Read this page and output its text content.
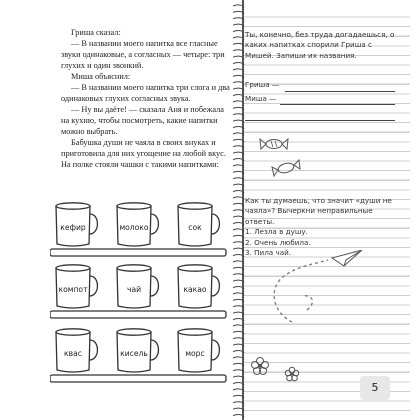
Гриша сказал:

— В названии моего напитка все гласные звуки одинаковые, а согласных — четыре: три глухих и один звонкий.

Миша объяснил:

— В названии моего напитка три слога и два одинаковых глухих согласных звука.

— Ну вы даёте! — сказала Аня и побежала на кухню, чтобы посмотреть, какие напитки можно выбрать.

Бабушка души не чаяла в своих внуках и приготовила для них угощение на любой вкус. На полке стояли чашки с такими напитками:

кефир	молоко	сок
компот	чай	какао
квас	кисель	морс
Ты, конечно, без труда догадаешься, о каких напитках спорили Гриша с Мишей. Запиши их названия.
Гриша —
Миша —
Как ты думаешь, что значит «души не чаяла»? Вычеркни неправильные ответы.
1. Лезла в душу.
2. Очень любила.
3. Пила чай.
5
